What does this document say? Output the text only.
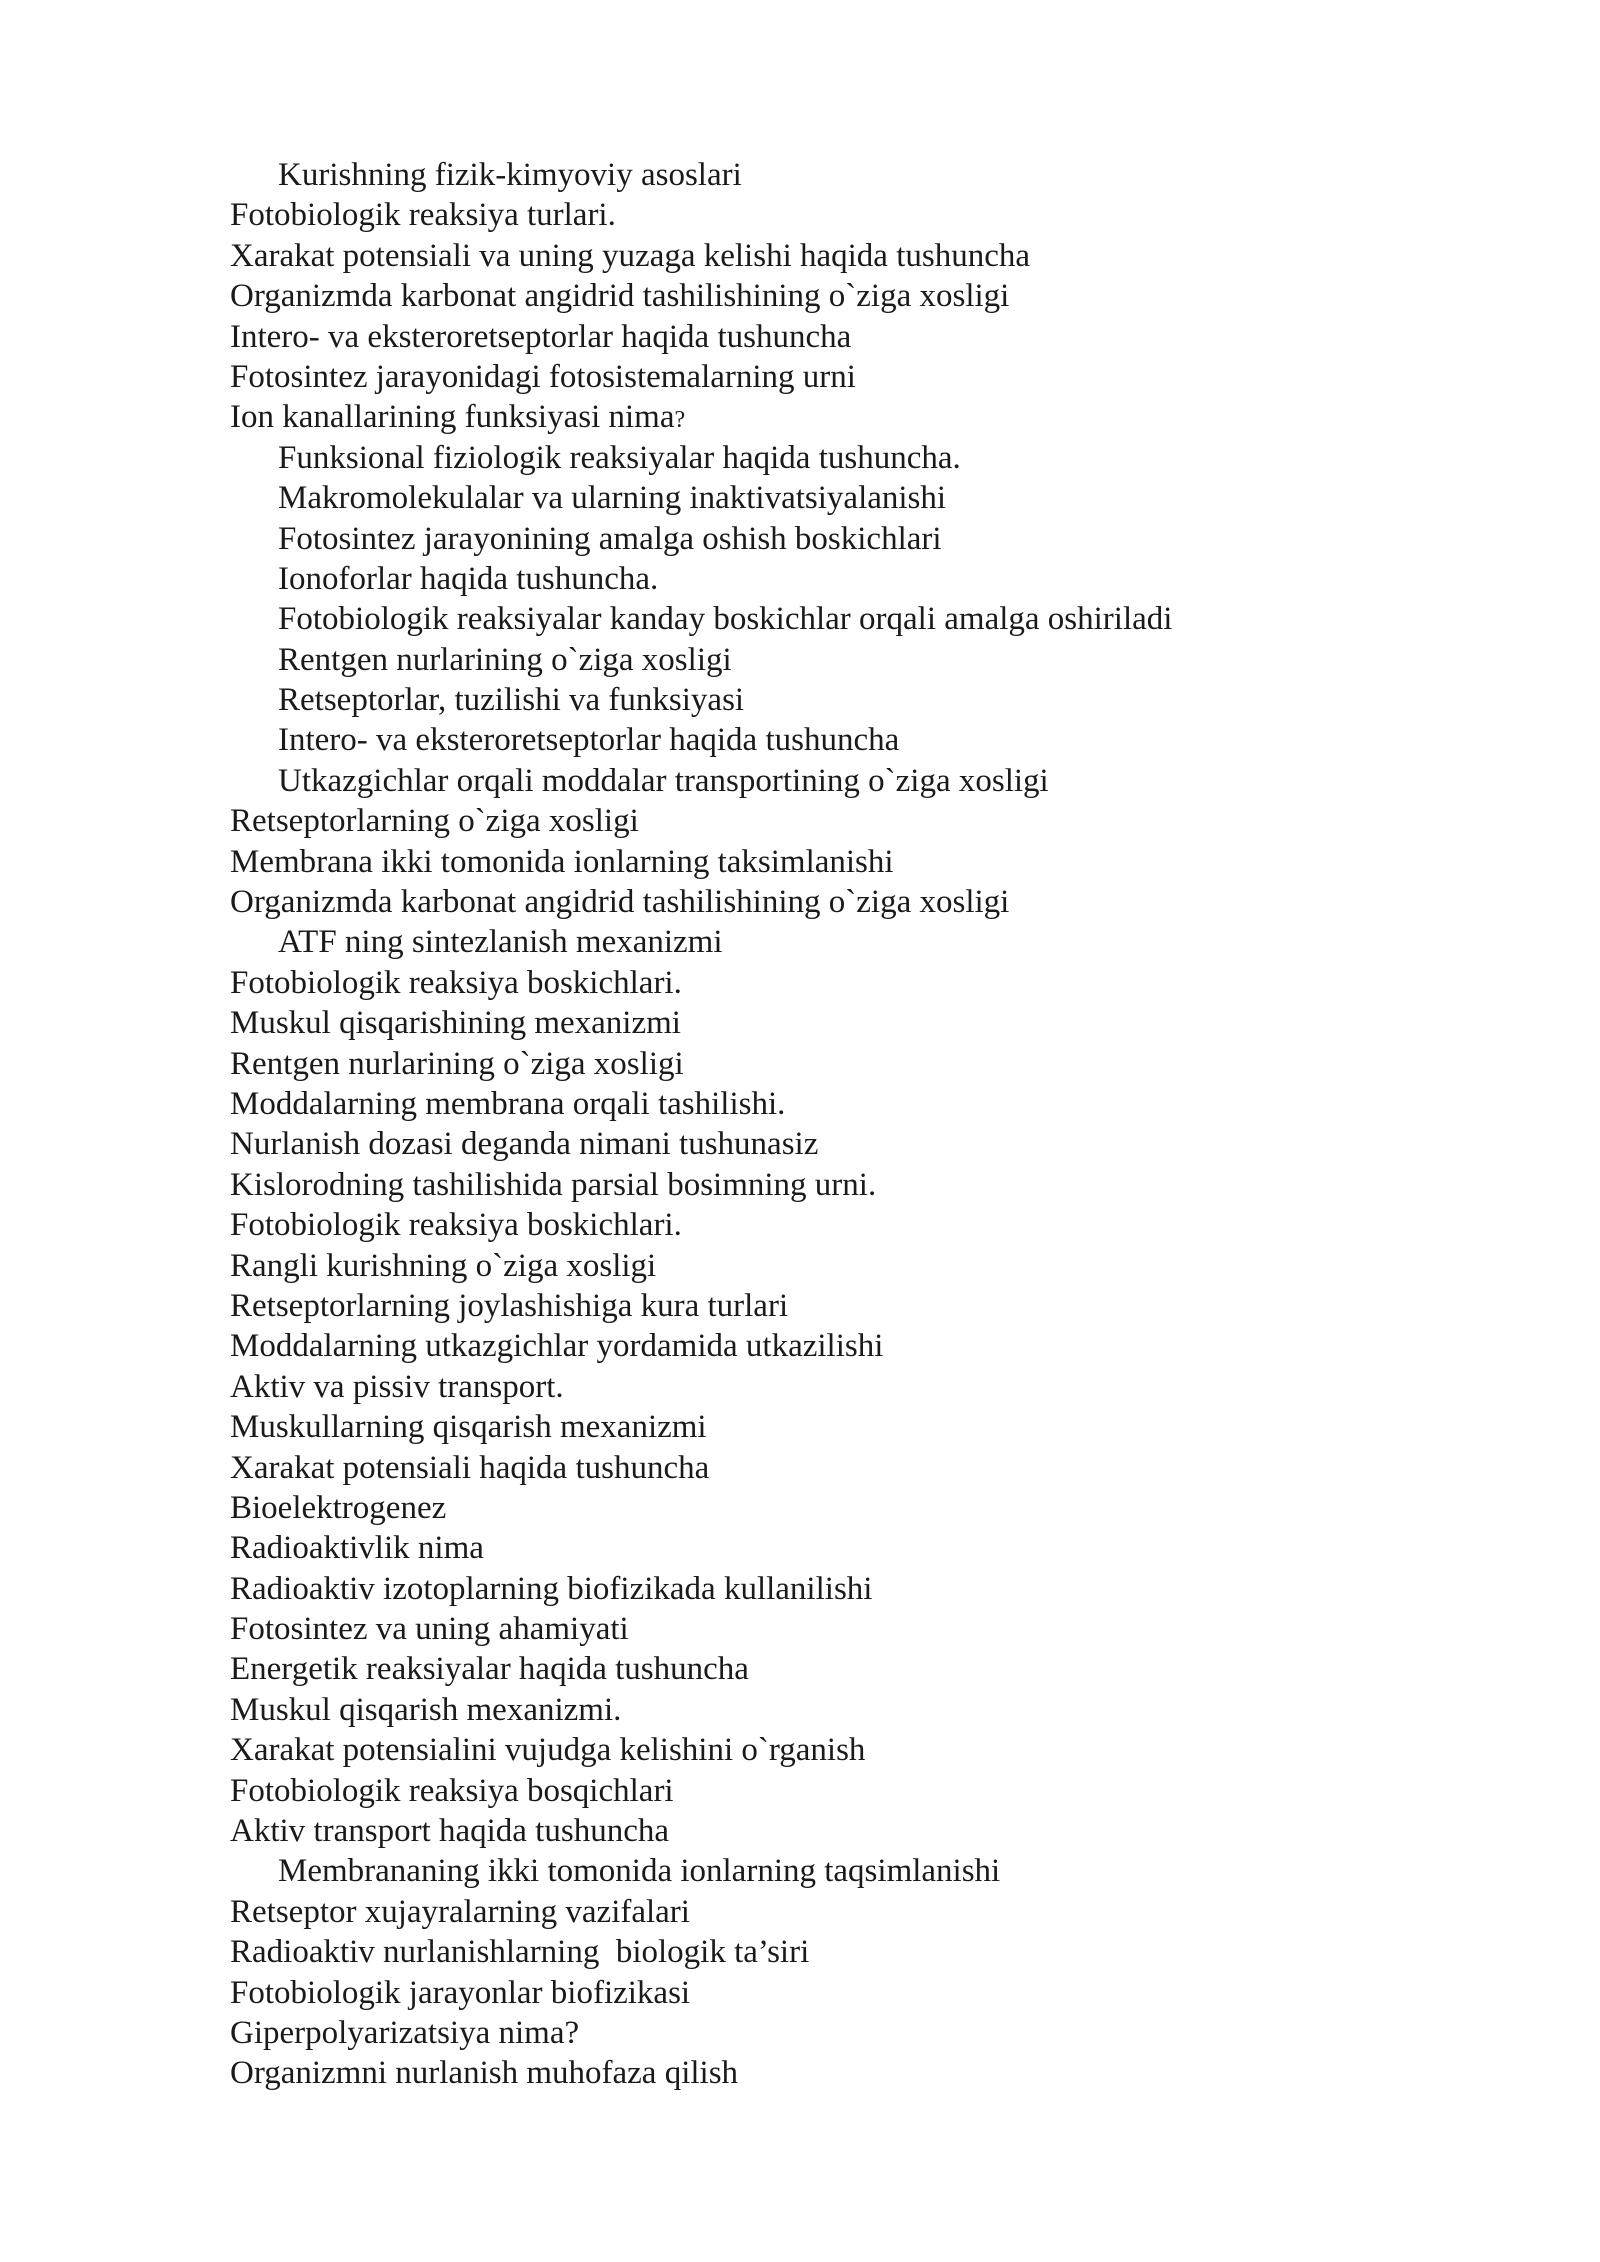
Kurishning fizik-kimyoviy asoslari
Fotobiologik reaksiya turlari.
Xarakat potensiali va uning yuzaga kelishi haqida tushuncha
Organizmda karbonat angidrid tashilishining o`ziga xosligi
Intero- va eksteroretseptorlar haqida tushuncha
Fotosintez jarayonidagi fotosistemalarning urni
Ion kanallarining funksiyasi nima?
Funksional fiziologik reaksiyalar haqida tushuncha.
Makromolekulalar va ularning inaktivatsiyalanishi
Fotosintez jarayonining amalga oshish boskichlari
Ionoforlar haqida tushuncha.
Fotobiologik reaksiyalar kanday boskichlar orqali amalga oshiriladi
Rentgen nurlarining o`ziga xosligi
Retseptorlar, tuzilishi va funksiyasi
Intero- va eksteroretseptorlar haqida tushuncha
Utkazgichlar orqali moddalar transportining o`ziga xosligi
Retseptorlarning o`ziga xosligi
Membrana ikki tomonida ionlarning taksimlanishi
Organizmda karbonat angidrid tashilishining o`ziga xosligi
ATF ning sintezlanish mexanizmi
Fotobiologik reaksiya boskichlari.
Muskul qisqarishining mexanizmi
Rentgen nurlarining o`ziga xosligi
Moddalarning membrana orqali tashilishi.
Nurlanish dozasi deganda nimani tushunasiz
Kislorodning tashilishida parsial bosimning urni.
Fotobiologik reaksiya boskichlari.
Rangli kurishning o`ziga xosligi
Retseptorlarning joylashishiga kura turlari
Moddalarning utkazgichlar yordamida utkazilishi
Aktiv va pissiv transport.
Muskullarning qisqarish mexanizmi
Xarakat potensiali haqida tushuncha
Bioelektrogenez
Radioaktivlik nima
Radioaktiv izotoplarning biofizikada kullanilishi
Fotosintez va uning ahamiyati
Energetik reaksiyalar haqida tushuncha
Muskul qisqarish mexanizmi.
Xarakat potensialini vujudga kelishini o`rganish
Fotobiologik reaksiya bosqichlari
Aktiv transport haqida tushuncha
Membrananing ikki tomonida ionlarning taqsimlanishi
Retseptor xujayralarning vazifalari
Radioaktiv nurlanishlarning  biologik ta’siri
Fotobiologik jarayonlar biofizikasi
Giperpolyarizatsiya nima?
Organizmni nurlanish muhofaza qilish
